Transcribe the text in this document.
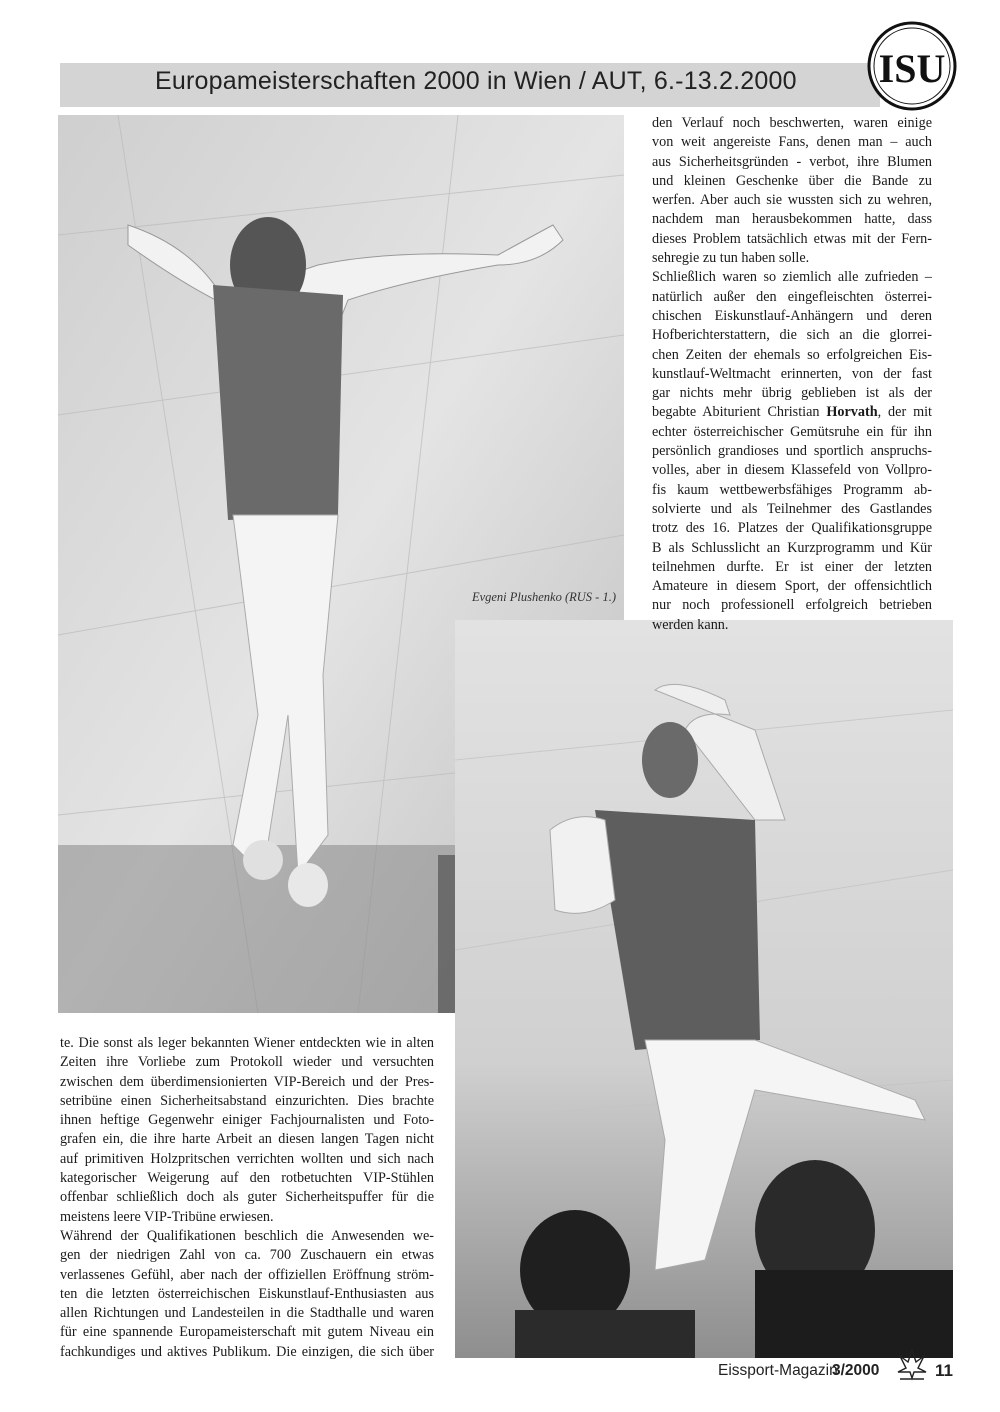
Europameisterschaften 2000 in Wien / AUT, 6.-13.2.2000 ISU
Evgeni Plushenko (RUS - 1.)
den Verlauf noch beschwerten, waren einige
von weit angereiste Fans, denen man – auch
aus Sicherheitsgründen - verbot, ihre Blumen
und kleinen Geschenke über die Bande zu
werfen. Aber auch sie wussten sich zu wehren,
nachdem man herausbekommen hatte, dass
dieses Problem tatsächlich etwas mit der Fern-
sehregie zu tun haben solle.
Schließlich waren so ziemlich alle zufrieden –
natürlich außer den eingefleischten österrei-
chischen Eiskunstlauf-Anhängern und deren
Hofberichterstattern, die sich an die glorrei-
chen Zeiten der ehemals so erfolgreichen Eis-
kunstlauf-Weltmacht erinnerten, von der fast
gar nichts mehr übrig geblieben ist als der
begabte Abiturient Christian Horvath, der mit
echter österreichischer Gemütsruhe ein für ihn
persönlich grandioses und sportlich anspruchs-
volles, aber in diesem Klassefeld von Vollpro-
fis kaum wettbewerbsfähiges Programm ab-
solvierte und als Teilnehmer des Gastlandes
trotz des 16. Platzes der Qualifikationsgruppe
B als Schlusslicht an Kurzprogramm und Kür
teilnehmen durfte. Er ist einer der letzten
Amateure in diesem Sport, der offensichtlich
nur noch professionell erfolgreich betrieben
werden kann.
te. Die sonst als leger bekannten Wiener entdeckten wie in alten
Zeiten ihre Vorliebe zum Protokoll wieder und versuchten
zwischen dem überdimensionierten VIP-Bereich und der Pres-
setribüne einen Sicherheitsabstand einzurichten. Dies brachte
ihnen heftige Gegenwehr einiger Fachjournalisten und Foto-
grafen ein, die ihre harte Arbeit an diesen langen Tagen nicht
auf primitiven Holzpritschen verrichten wollten und sich nach
kategorischer Weigerung auf den rotbetuchten VIP-Stühlen
offenbar schließlich doch als guter Sicherheitspuffer für die
meistens leere VIP-Tribüne erwiesen.
Während der Qualifikationen beschlich die Anwesenden we-
gen der niedrigen Zahl von ca. 700 Zuschauern ein etwas
verlassenes Gefühl, aber nach der offiziellen Eröffnung ström-
ten die letzten österreichischen Eiskunstlauf-Enthusiasten aus
allen Richtungen und Landesteilen in die Stadthalle und waren
für eine spannende Europameisterschaft mit gutem Niveau ein
fachkundiges und aktives Publikum. Die einzigen, die sich über
Eissport-Magazin
3/2000	11
